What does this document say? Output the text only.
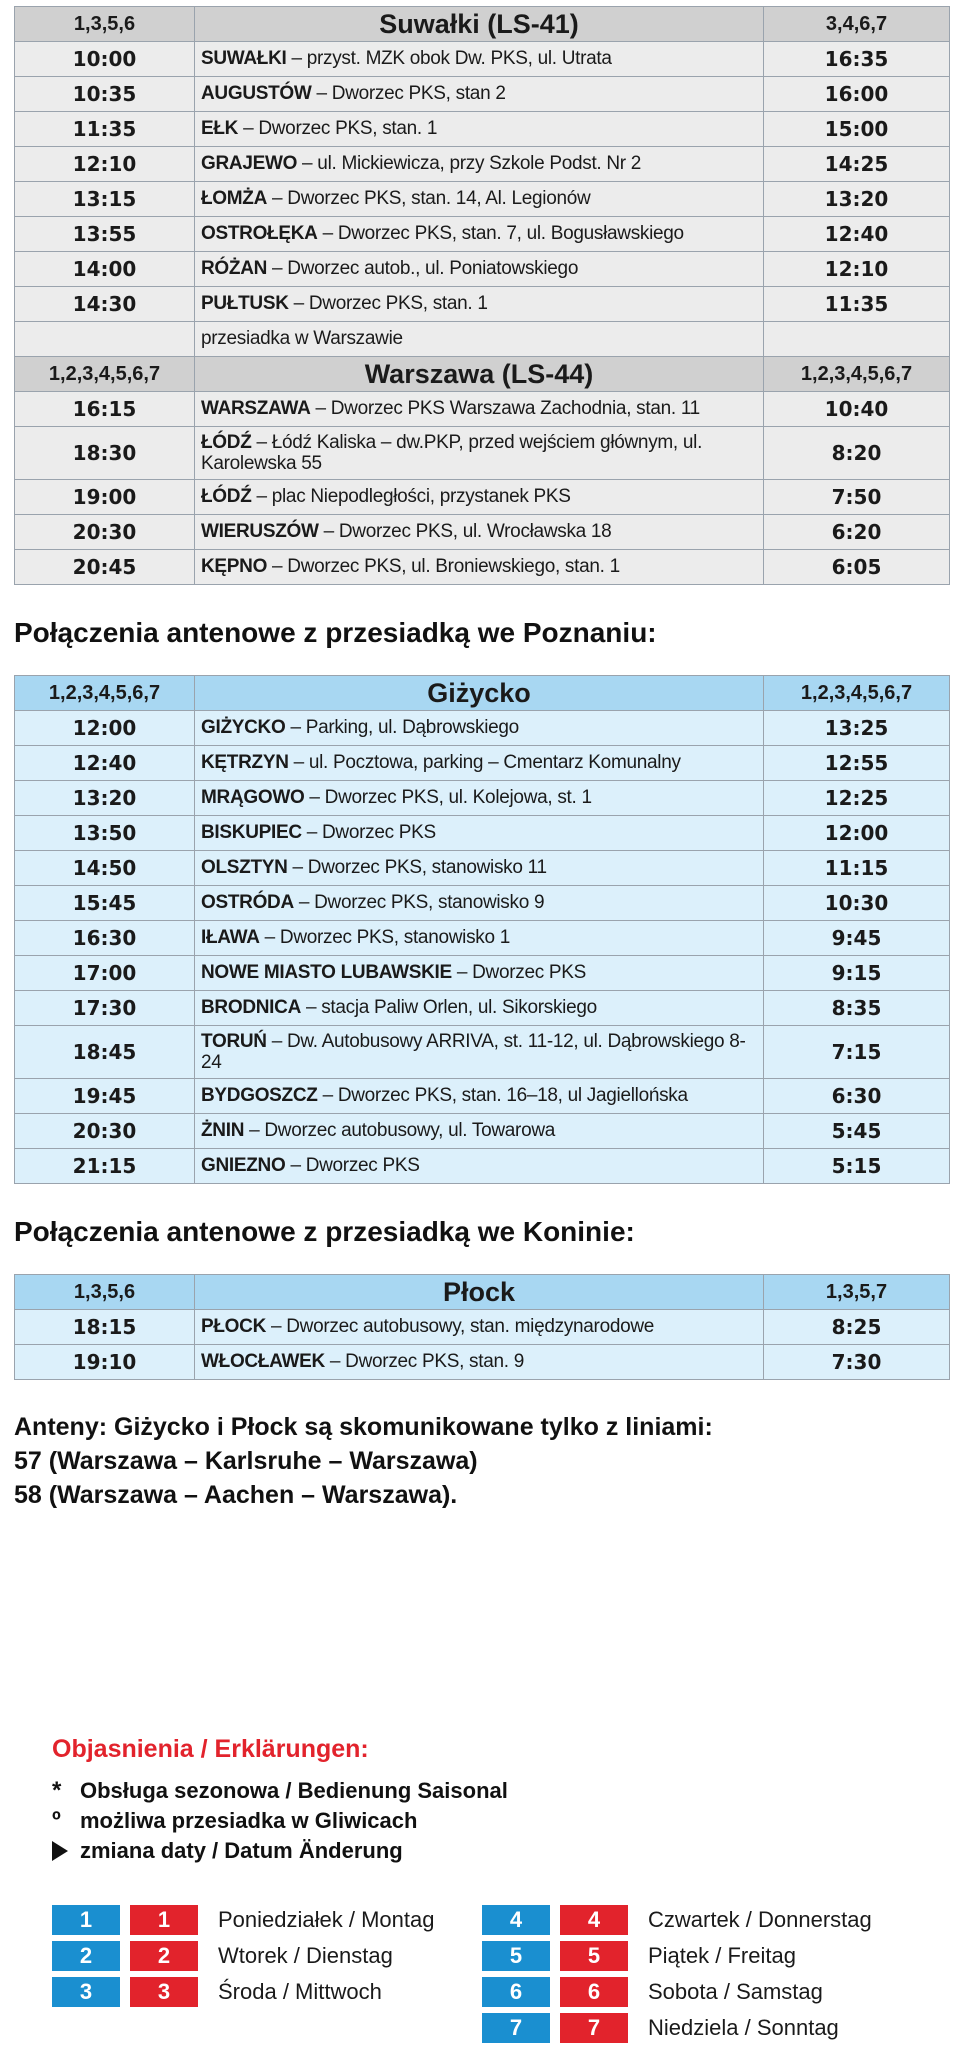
1,3,5,6	Suwałki (LS-41)	3,4,6,7
10:00	SUWAŁKI – przyst. MZK obok Dw. PKS, ul. Utrata	16:35
10:35	AUGUSTÓW – Dworzec PKS, stan 2	16:00
11:35	EŁK – Dworzec PKS, stan. 1	15:00
12:10	GRAJEWO – ul. Mickiewicza, przy Szkole Podst. Nr 2	14:25
13:15	ŁOMŻA – Dworzec PKS, stan. 14, Al. Legionów	13:20
13:55	OSTROŁĘKA – Dworzec PKS, stan. 7, ul. Bogusławskiego	12:40
14:00	RÓŻAN – Dworzec autob., ul. Poniatowskiego	12:10
14:30	PUŁTUSK – Dworzec PKS, stan. 1	11:35
	przesiadka w Warszawie	
1,2,3,4,5,6,7	Warszawa (LS-44)	1,2,3,4,5,6,7
16:15	WARSZAWA – Dworzec PKS Warszawa Zachodnia, stan. 11	10:40
18:30	ŁÓDŹ – Łódź Kaliska – dw.PKP, przed wejściem głównym, ul. Karolewska 55	8:20
19:00	ŁÓDŹ – plac Niepodległości, przystanek PKS	7:50
20:30	WIERUSZÓW – Dworzec PKS, ul. Wrocławska 18	6:20
20:45	KĘPNO – Dworzec PKS, ul. Broniewskiego, stan. 1	6:05
Połączenia antenowe z przesiadką we Poznaniu:
1,2,3,4,5,6,7	Giżycko	1,2,3,4,5,6,7
12:00	GIŻYCKO – Parking, ul. Dąbrowskiego	13:25
12:40	KĘTRZYN – ul. Pocztowa, parking – Cmentarz Komunalny	12:55
13:20	MRĄGOWO – Dworzec PKS, ul. Kolejowa, st. 1	12:25
13:50	BISKUPIEC – Dworzec PKS	12:00
14:50	OLSZTYN – Dworzec PKS, stanowisko 11	11:15
15:45	OSTRÓDA – Dworzec PKS, stanowisko 9	10:30
16:30	IŁAWA – Dworzec PKS, stanowisko 1	9:45
17:00	NOWE MIASTO LUBAWSKIE – Dworzec PKS	9:15
17:30	BRODNICA – stacja Paliw Orlen, ul. Sikorskiego	8:35
18:45	TORUŃ – Dw. Autobusowy ARRIVA, st. 11-12, ul. Dąbrowskiego 8-24	7:15
19:45	BYDGOSZCZ – Dworzec PKS, stan. 16–18, ul Jagiellońska	6:30
20:30	ŻNIN – Dworzec autobusowy, ul. Towarowa	5:45
21:15	GNIEZNO – Dworzec PKS	5:15
Połączenia antenowe z przesiadką we Koninie:
1,3,5,6	Płock	1,3,5,7
18:15	PŁOCK – Dworzec autobusowy, stan. międzynarodowe	8:25
19:10	WŁOCŁAWEK – Dworzec PKS, stan. 9	7:30
Anteny: Giżycko i Płock są skomunikowane tylko z liniami:
57 (Warszawa – Karlsruhe – Warszawa)
58 (Warszawa – Aachen – Warszawa).
Objasnienia / Erklärungen:
* Obsługa sezonowa / Bedienung Saisonal
º możliwa przesiadka w Gliwicach
zmiana daty / Datum Änderung
1	1	Poniedziałek / Montag
2	2	Wtorek / Dienstag
3	3	Środa / Mittwoch
4	4	Czwartek / Donnerstag
5	5	Piątek / Freitag
6	6	Sobota / Samstag
7	7	Niedziela / Sonntag
